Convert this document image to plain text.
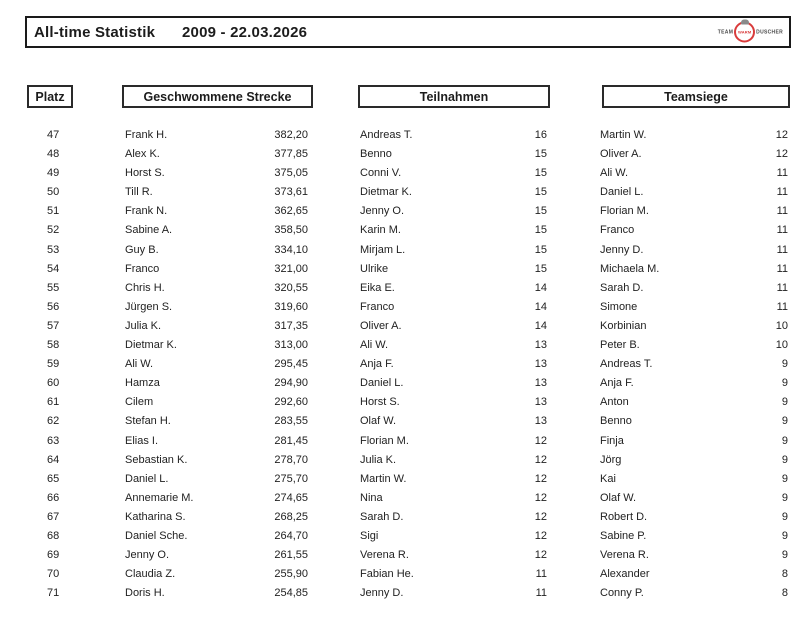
All-time Statistik 2009 - 22.03.2026	TEAM WARM DUSCHER
Platz	Geschwommene Strecke	Teilnahmen	Teamsiege
47	Frank H.	382,20	Andreas T.	16	Martin W.	12
48	Alex K.	377,85	Benno	15	Oliver A.	12
49	Horst S.	375,05	Conni V.	15	Ali W.	11
50	Till R.	373,61	Dietmar K.	15	Daniel L.	11
51	Frank N.	362,65	Jenny O.	15	Florian M.	11
52	Sabine A.	358,50	Karin M.	15	Franco	11
53	Guy B.	334,10	Mirjam L.	15	Jenny D.	11
54	Franco	321,00	Ulrike	15	Michaela M.	11
55	Chris H.	320,55	Eika E.	14	Sarah D.	11
56	Jürgen S.	319,60	Franco	14	Simone	11
57	Julia K.	317,35	Oliver A.	14	Korbinian	10
58	Dietmar K.	313,00	Ali W.	13	Peter B.	10
59	Ali W.	295,45	Anja F.	13	Andreas T.	9
60	Hamza	294,90	Daniel L.	13	Anja F.	9
61	Cilem	292,60	Horst S.	13	Anton	9
62	Stefan H.	283,55	Olaf W.	13	Benno	9
63	Elias I.	281,45	Florian M.	12	Finja	9
64	Sebastian K.	278,70	Julia K.	12	Jörg	9
65	Daniel L.	275,70	Martin W.	12	Kai	9
66	Annemarie M.	274,65	Nina	12	Olaf W.	9
67	Katharina S.	268,25	Sarah D.	12	Robert D.	9
68	Daniel Sche.	264,70	Sigi	12	Sabine P.	9
69	Jenny O.	261,55	Verena R.	12	Verena R.	9
70	Claudia Z.	255,90	Fabian He.	11	Alexander	8
71	Doris H.	254,85	Jenny D.	11	Conny P.	8
